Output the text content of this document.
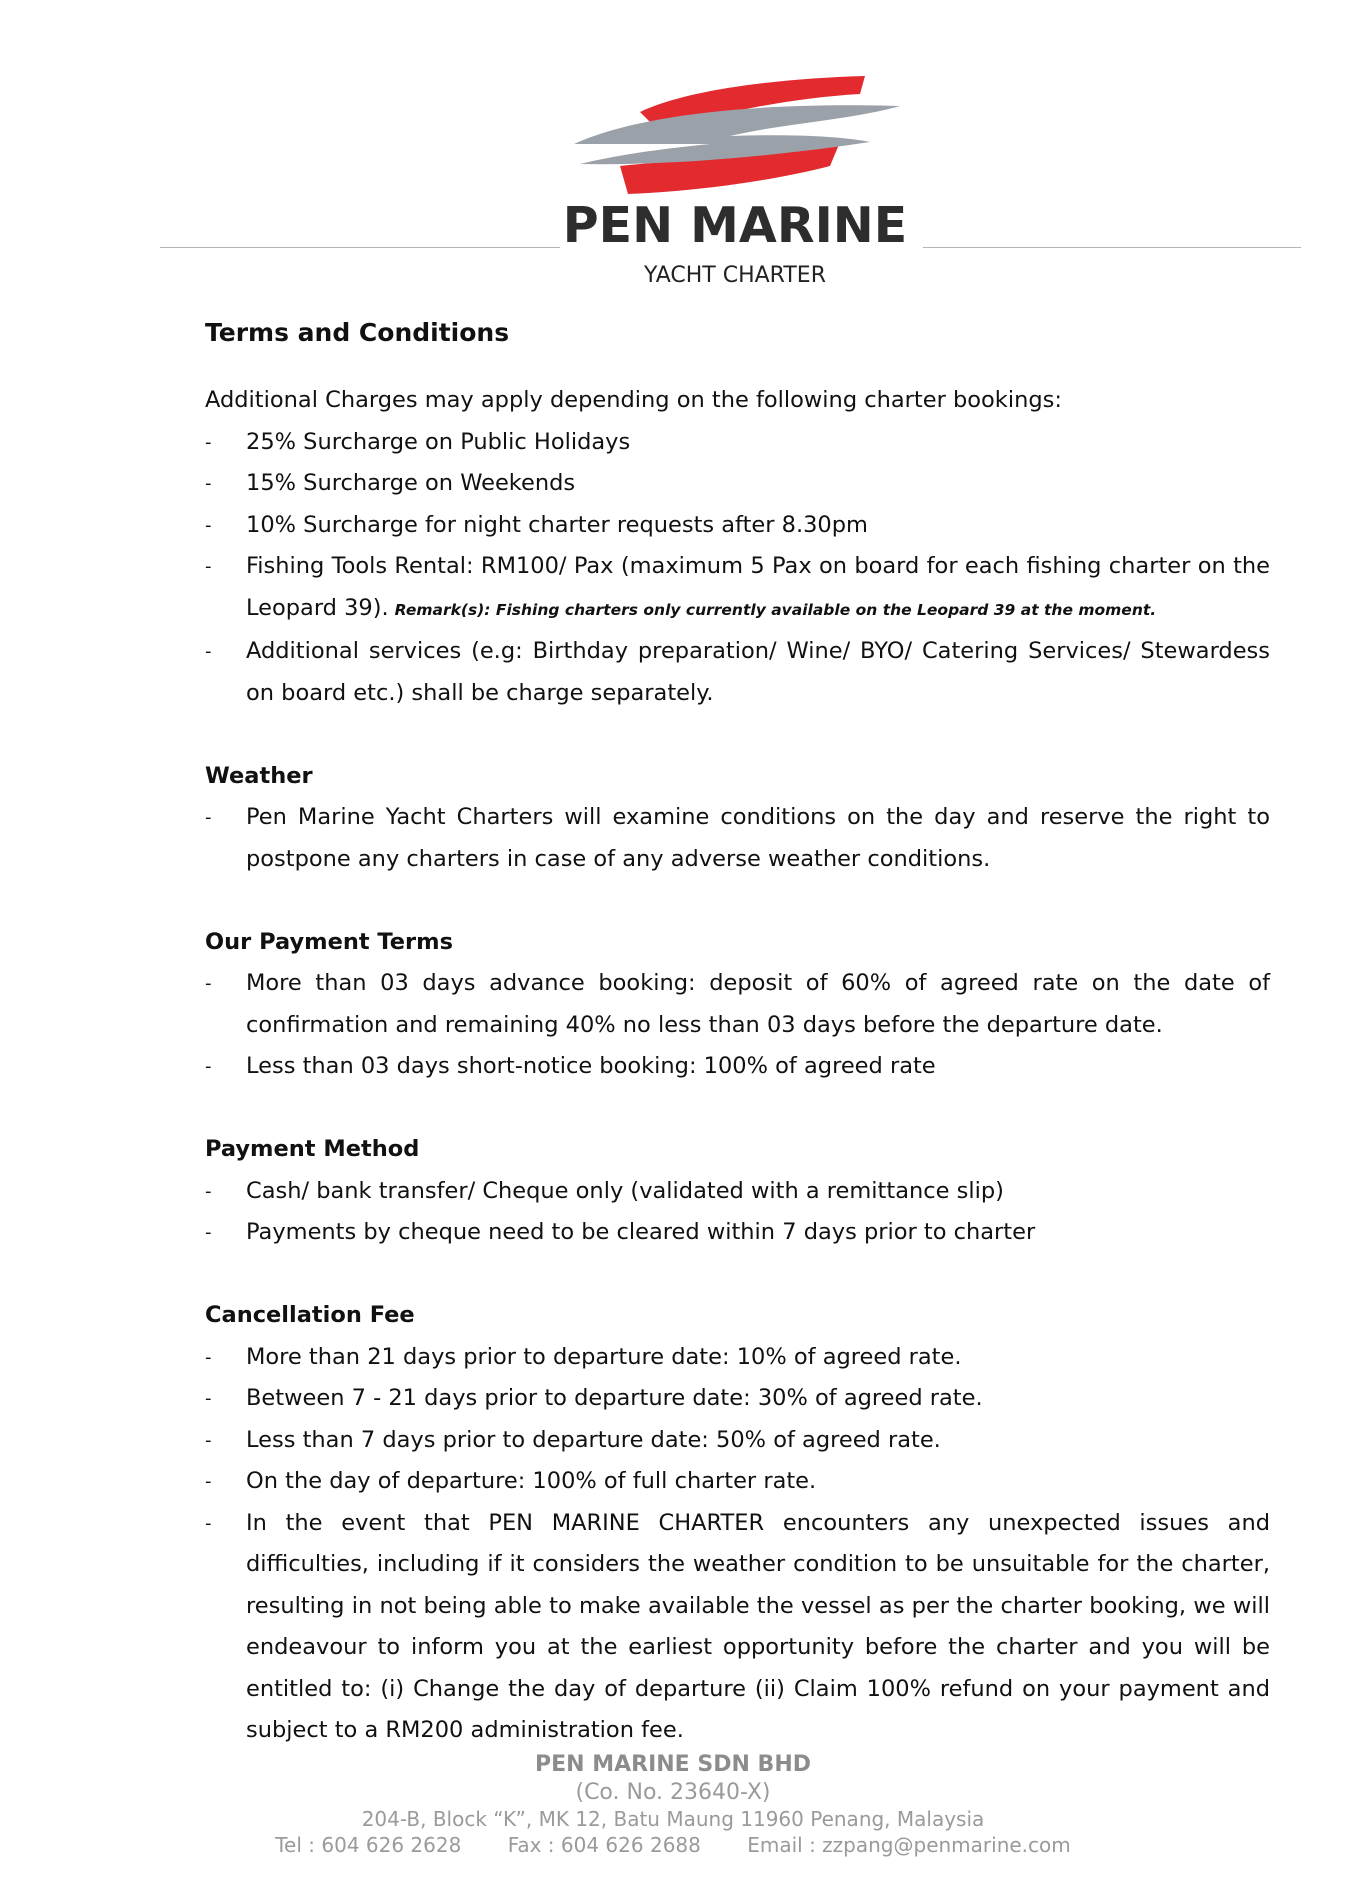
PEN MARINE
YACHT CHARTER
Terms and Conditions

Additional Charges may apply depending on the following charter bookings:

- 25% Surcharge on Public Holidays
- 15% Surcharge on Weekends
- 10% Surcharge for night charter requests after 8.30pm
- Fishing Tools Rental: RM100/ Pax (maximum 5 Pax on board for each fishing charter on the Leopard 39). Remark(s): Fishing charters only currently available on the Leopard 39 at the moment.
- Additional services (e.g: Birthday preparation/ Wine/ BYO/ Catering Services/ Stewardess on board etc.) shall be charge separately.
Weather
- Pen Marine Yacht Charters will examine conditions on the day and reserve the right to postpone any charters in case of any adverse weather conditions.
Our Payment Terms
- More than 03 days advance booking: deposit of 60% of agreed rate on the date of confirmation and remaining 40% no less than 03 days before the departure date.
- Less than 03 days short-notice booking: 100% of agreed rate
Payment Method
- Cash/ bank transfer/ Cheque only (validated with a remittance slip)
- Payments by cheque need to be cleared within 7 days prior to charter
Cancellation Fee
- More than 21 days prior to departure date: 10% of agreed rate.
- Between 7 - 21 days prior to departure date: 30% of agreed rate.
- Less than 7 days prior to departure date: 50% of agreed rate.
- On the day of departure: 100% of full charter rate.
- In the event that PEN MARINE CHARTER encounters any unexpected issues and difficulties, including if it considers the weather condition to be unsuitable for the charter, resulting in not being able to make available the vessel as per the charter booking, we will endeavour to inform you at the earliest opportunity before the charter and you will be entitled to: (i) Change the day of departure (ii) Claim 100% refund on your payment and subject to a RM200 administration fee.
PEN MARINE SDN BHD
(Co. No. 23640-X)
204-B, Block “K”, MK 12, Batu Maung 11960 Penang, Malaysia
Tel : 604 626 2628 Fax : 604 626 2688 Email : zzpang@penmarine.com
